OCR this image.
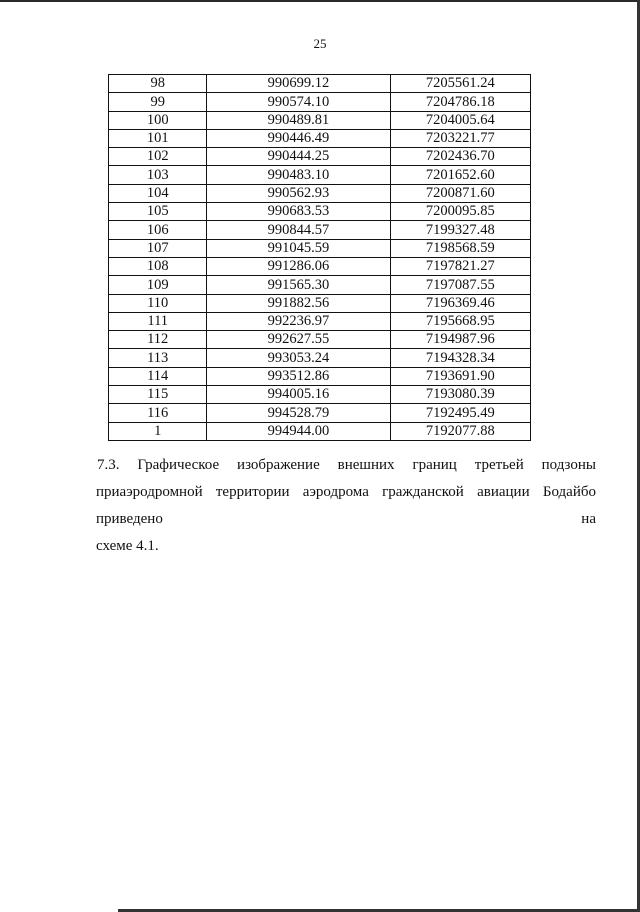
25
98	990699.12	7205561.24
99	990574.10	7204786.18
100	990489.81	7204005.64
101	990446.49	7203221.77
102	990444.25	7202436.70
103	990483.10	7201652.60
104	990562.93	7200871.60
105	990683.53	7200095.85
106	990844.57	7199327.48
107	991045.59	7198568.59
108	991286.06	7197821.27
109	991565.30	7197087.55
110	991882.56	7196369.46
111	992236.97	7195668.95
112	992627.55	7194987.96
113	993053.24	7194328.34
114	993512.86	7193691.90
115	994005.16	7193080.39
116	994528.79	7192495.49
1	994944.00	7192077.88

7.3. Графическое изображение внешних границ третьей подзоны
приаэродромной территории аэродрома гражданской авиации Бодайбо приведено на
схеме 4.1.
